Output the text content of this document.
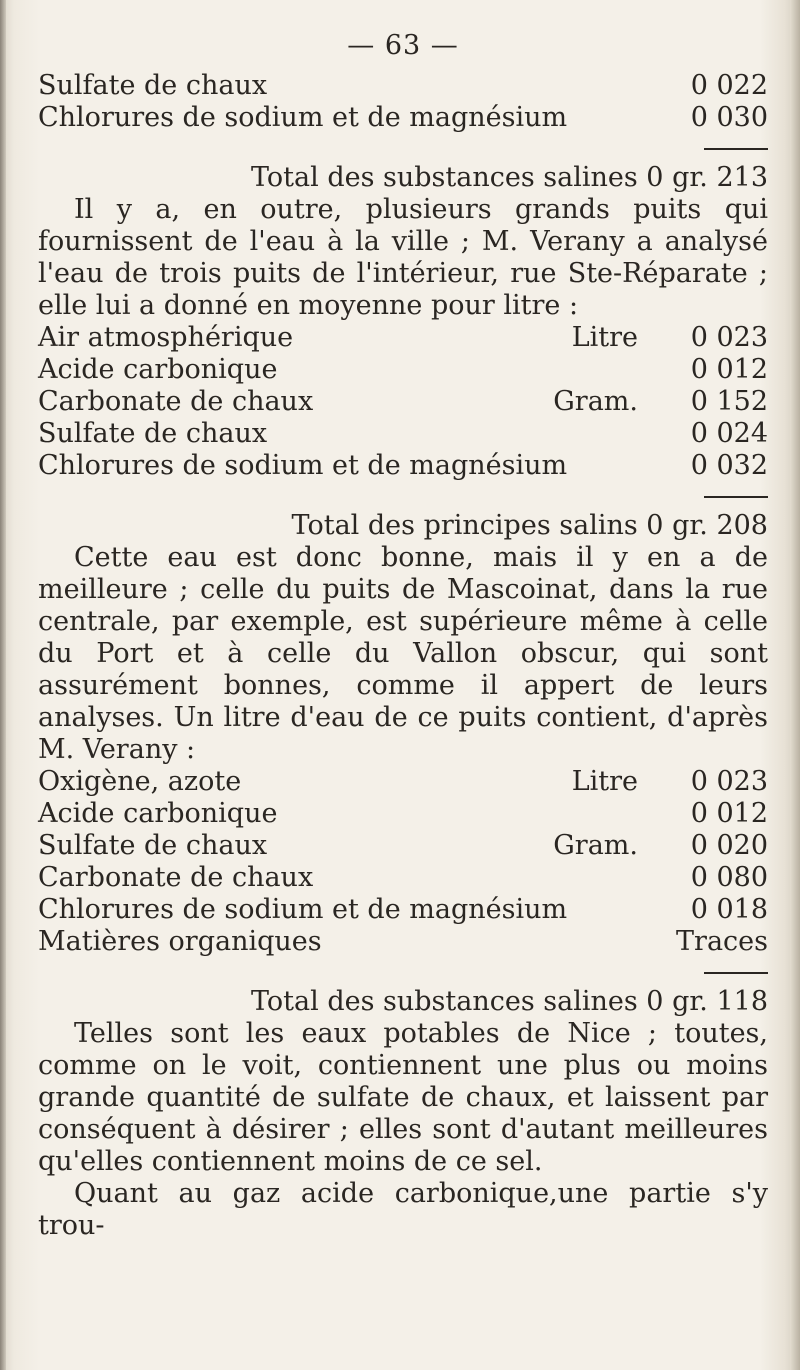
— 63 —
Sulfate de chaux	0 022
Chlorures de sodium et de magnésium	0 030
Total des substances salines 0 gr. 213

Il y a, en outre, plusieurs grands puits qui fournissent de l'eau à la ville ; M. Verany a analysé l'eau de trois puits de l'intérieur, rue Ste-Réparate ; elle lui a donné en moyenne pour litre :

Air atmosphérique	Litre	0 023
Acide carbonique	0 012
Carbonate de chaux	Gram.	0 152
Sulfate de chaux	0 024
Chlorures de sodium et de magnésium	0 032
Total des principes salins 0 gr. 208

Cette eau est donc bonne, mais il y en a de meilleure ; celle du puits de Mascoinat, dans la rue centrale, par exemple, est supérieure même à celle du Port et à celle du Vallon obscur, qui sont assurément bonnes, comme il appert de leurs analyses. Un litre d'eau de ce puits contient, d'après M. Verany :

Oxigène, azote	Litre	0 023
Acide carbonique	0 012
Sulfate de chaux	Gram.	0 020
Carbonate de chaux	0 080
Chlorures de sodium et de magnésium	0 018
Matières organiques	Traces
Total des substances salines 0 gr. 118

Telles sont les eaux potables de Nice ; toutes, comme on le voit, contiennent une plus ou moins grande quantité de sulfate de chaux, et laissent par conséquent à désirer ; elles sont d'autant meilleures qu'elles contiennent moins de ce sel.

Quant au gaz acide carbonique,une partie s'y trou-
